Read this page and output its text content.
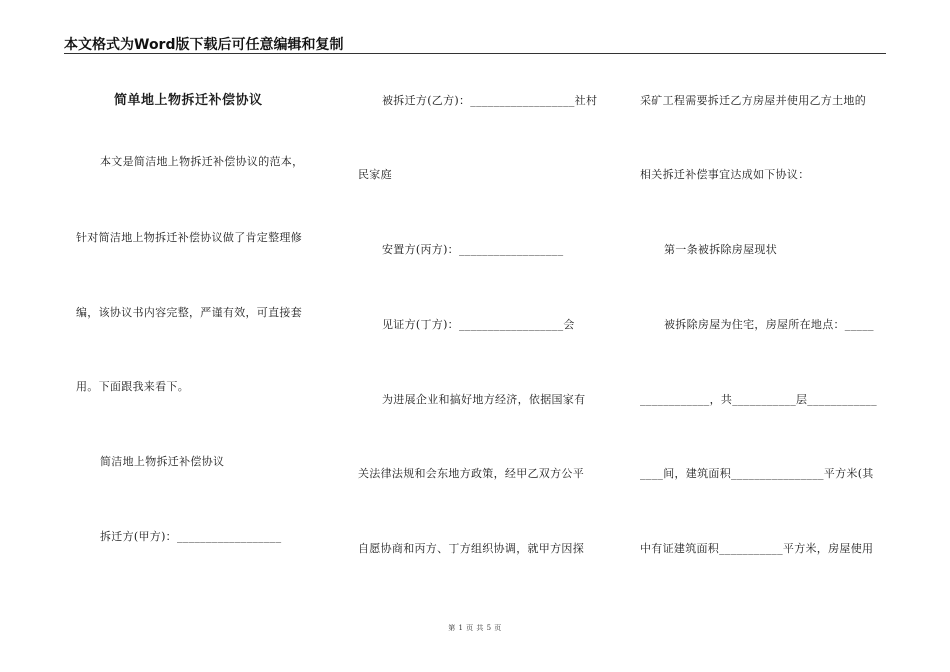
本文格式为Word版下载后可任意编辑和复制
简单地上物拆迁补偿协议
本文是简洁地上物拆迁补偿协议的范本，
针对简洁地上物拆迁补偿协议做了肯定整理修
编，该协议书内容完整，严谨有效，可直接套
用。下面跟我来看下。
简洁地上物拆迁补偿协议
拆迁方(甲方)：__________________
被拆迁方(乙方)：__________________社村
民家庭
安置方(丙方)：__________________
见证方(丁方)：__________________会
为进展企业和搞好地方经济，依据国家有
关法律法规和会东地方政策，经甲乙双方公平
自愿协商和丙方、丁方组织协调，就甲方因探
采矿工程需要拆迁乙方房屋并使用乙方土地的
相关拆迁补偿事宜达成如下协议：
第一条被拆除房屋现状
被拆除房屋为住宅，房屋所在地点：_____
____________，共___________层____________
____间，建筑面积________________平方米(其
中有证建筑面积___________平方米，房屋使用
第 1 页 共 5 页
